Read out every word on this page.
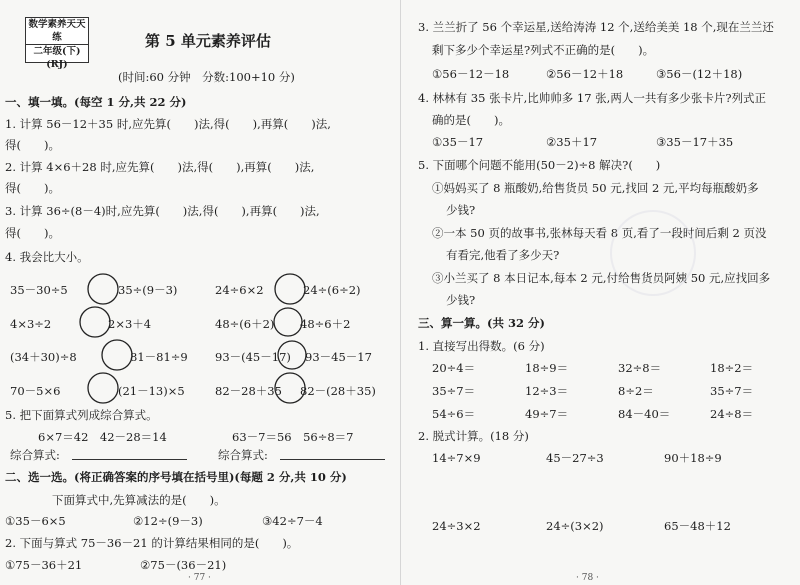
数学素养天天练
二年级(下)
(RJ)
第 5 单元素养评估
(时间:60 分钟　分数:100+10 分)
一、填一填。(每空 1 分,共 22 分)
1. 计算 56－12＋35 时,应先算(　　)法,得(　　),再算(　　)法,
得(　　)。
2. 计算 4×6＋28 时,应先算(　　)法,得(　　),再算(　　)法,
得(　　)。
3. 计算 36÷(8－4)时,应先算(　　)法,得(　　),再算(　　)法,
得(　　)。
4. 我会比大小。
35－30÷5	35÷(9－3)	24÷6×2	24÷(6÷2)
4×3÷2	2×3＋4	48÷(6＋2) 48÷6＋2
(34＋30)÷8	81－81÷9 93－(45－17) 93－45－17
70－5×6	(21－13)×5	82－28＋35 82－(28＋35)
5. 把下面算式列成综合算式。
6×7＝42　42－28＝14	63－7＝56　56÷8＝7
综合算式:	综合算式:
二、选一选。(将正确答案的序号填在括号里)(每题 2 分,共 10 分)
下面算式中,先算减法的是(　　)。
①35－6×5	②12÷(9－3)	③42÷7－4
2. 下面与算式 75－36－21 的计算结果相同的是(　　)。
①75－36＋21	②75－(36－21)
· 77 ·
3. 兰兰折了 56 个幸运星,送给涛涛 12 个,送给美美 18 个,现在兰兰还
剩下多少个幸运星?列式不正确的是(　　)。
①56－12－18	②56－12＋18	③56－(12＋18)
4. 林林有 35 张卡片,比帅帅多 17 张,两人一共有多少张卡片?列式正
确的是(　　)。
①35－17	②35＋17	③35－17＋35
5. 下面哪个问题不能用(50－2)÷8 解决?(　　)
①妈妈买了 8 瓶酸奶,给售货员 50 元,找回 2 元,平均每瓶酸奶多
少钱?
②一本 50 页的故事书,张林每天看 8 页,看了一段时间后剩 2 页没
有看完,他看了多少天?
③小兰买了 8 本日记本,每本 2 元,付给售货员阿姨 50 元,应找回多
少钱?
三、算一算。(共 32 分)
1. 直接写出得数。(6 分)
20÷4＝	18÷9＝	32÷8＝	18÷2＝
35÷7＝	12÷3＝	8÷2＝	35÷7＝
54÷6＝	49÷7＝	84－40＝	24÷8＝
2. 脱式计算。(18 分)
14÷7×9	45－27÷3	90＋18÷9
24÷3×2	24÷(3×2)	65－48＋12
· 78 ·
